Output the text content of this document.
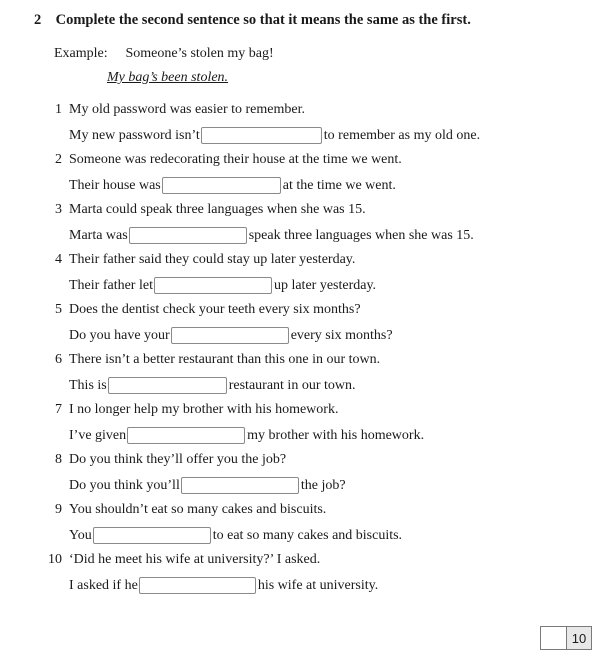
2 Complete the second sentence so that it means the same as the first.
Example: Someone’s stolen my bag!
My bag’s been stolen.
1 My old password was easier to remember.
My new password isn’t	to remember as my old one.
2 Someone was redecorating their house at the time we went.
Their house was	at the time we went.
3 Marta could speak three languages when she was 15.
Marta was	speak three languages when she was 15.
4 Their father said they could stay up later yesterday.
Their father let	up later yesterday.
5 Does the dentist check your teeth every six months?
Do you have your	every six months?
6 There isn’t a better restaurant than this one in our town.
This is	restaurant in our town.
7 I no longer help my brother with his homework.
I’ve given	my brother with his homework.
8 Do you think they’ll offer you the job?
Do you think you’ll	the job?
9 You shouldn’t eat so many cakes and biscuits.
You	to eat so many cakes and biscuits.
10 ‘Did he meet his wife at university?’ I asked.
I asked if he	his wife at university.
10
